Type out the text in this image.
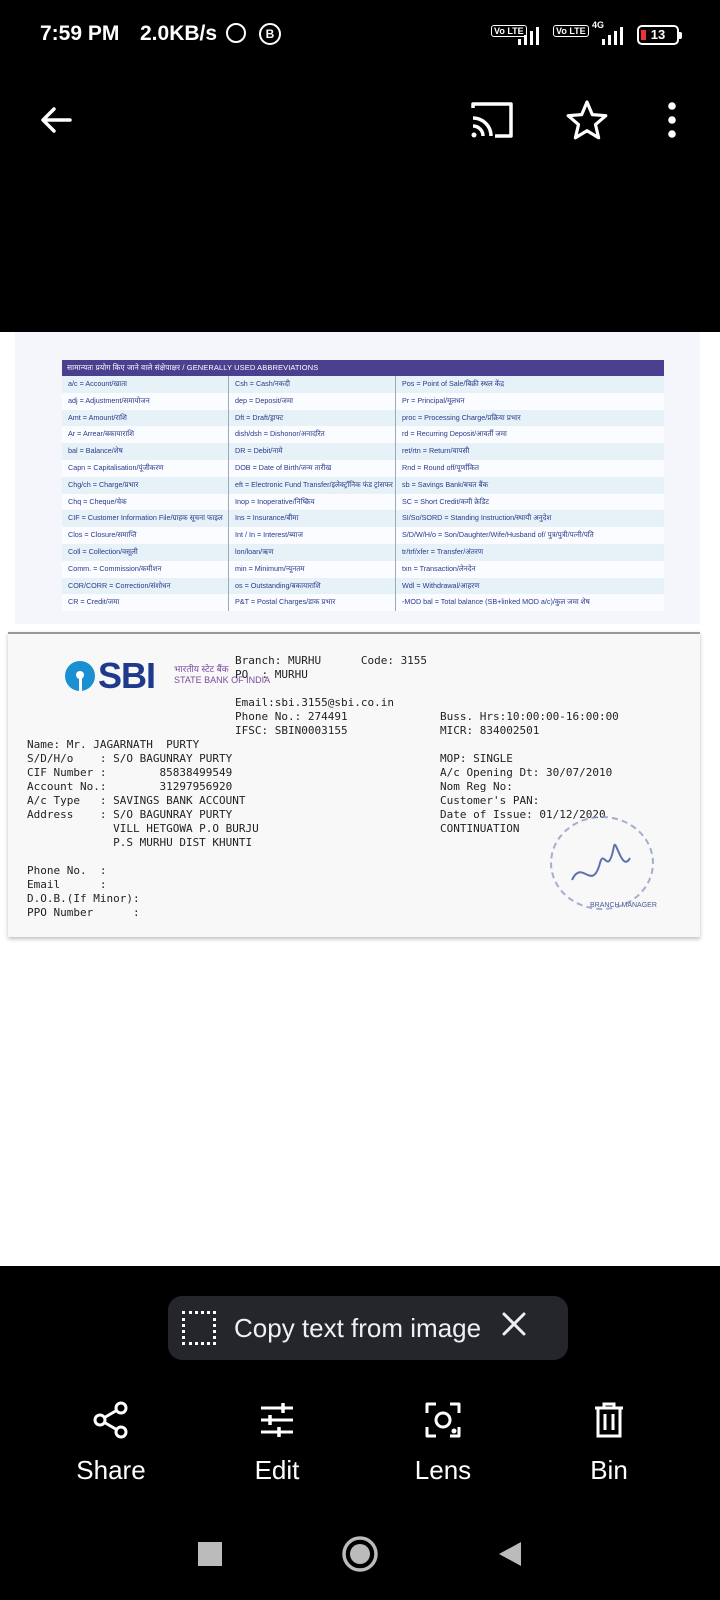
7:59 PM 2.0KB/s	B	Vo LTE	Vo LTE
4G
13
सामान्यतः प्रयोग किए जाने वाले संक्षेपाक्षर / GENERALLY USED ABBREVIATIONS
a/c = Account/खाता	Csh = Cash/नकदी	Pos = Point of Sale/बिक्री स्थल केंद्र
adj = Adjustment/समायोजन	dep = Deposit/जमा	Pr = Principal/मूलधन
Amt = Amount/राशि	Dft = Draft/ड्राफ्ट	proc = Processing Charge/प्रक्रिया प्रभार
Ar = Arrear/बकायाराशि	dish/dsh = Dishonor/अनादरित	rd = Recurring Deposit/आवर्ती जमा
bal = Balance/शेष	DR = Debit/नामे	ret/rtn = Return/वापसी
Capn = Capitalisation/पूंजीकरण	DOB = Date of Birth/जन्म तारीख	Rnd = Round off/पूर्णांकित
Chg/ch = Charge/प्रभार	eft = Electronic Fund Transfer/इलेक्ट्रॉनिक फंड ट्रांसफर	sb = Savings Bank/बचत बैंक
Chq = Cheque/चेक	Inop = Inoperative/निष्क्रिय	SC = Short Credit/कमी क्रेडिट
CIF = Customer Information File/ग्राहक सूचना फाइल	Ins = Insurance/बीमा	SI/So/SORD = Standing Instruction/स्थायी अनुदेश
Clos = Closure/समाप्ति	Int / In = Interest/ब्याज	S/D/W/H/o = Son/Daughter/Wife/Husband of/ पुत्र/पुत्री/पत्नी/पति
Coll = Collection/वसूली	lon/loan/ऋण	tr/trf/xfer = Transfer/अंतरण
Comm. = Commission/कमीशन	min = Minimum/न्यूनतम	txn = Transaction/लेनदेन
COR/CORR = Correction/संशोधन	os = Outstanding/बकायाराशि	Wdl = Withdrawal/आहरण
CR = Credit/जमा	P&T = Postal Charges/डाक प्रभार	-MOD bal = Total balance (SB+linked MOD a/c)/कुल जमा शेष
SBI भारतीय स्टेट बैंक
STATE BANK OF INDIA
Branch: MURHU      Code: 3155
PO  : MURHU
Email:sbi.3155@sbi.co.in
Phone No.: 274491
IFSC: SBIN0003155
Buss. Hrs:10:00:00-16:00:00
MICR: 834002501
Name: Mr. JAGARNATH  PURTY
S/D/H/o    : S/O BAGUNRAY PURTY
CIF Number :        85838499549
Account No.:        31297956920
A/c Type   : SAVINGS BANK ACCOUNT
Address    : S/O BAGUNRAY PURTY
VILL HETGOWA P.O BURJU
P.S MURHU DIST KHUNTI

Phone No.  :
Email      :
D.O.B.(If Minor):
PPO Number      :
MOP: SINGLE
A/c Opening Dt: 30/07/2010
Nom Reg No:
Customer's PAN:
Date of Issue: 01/12/2020
CONTINUATION
BRANCH MANAGER
Copy text from image
Share	Edit	Lens	Bin
